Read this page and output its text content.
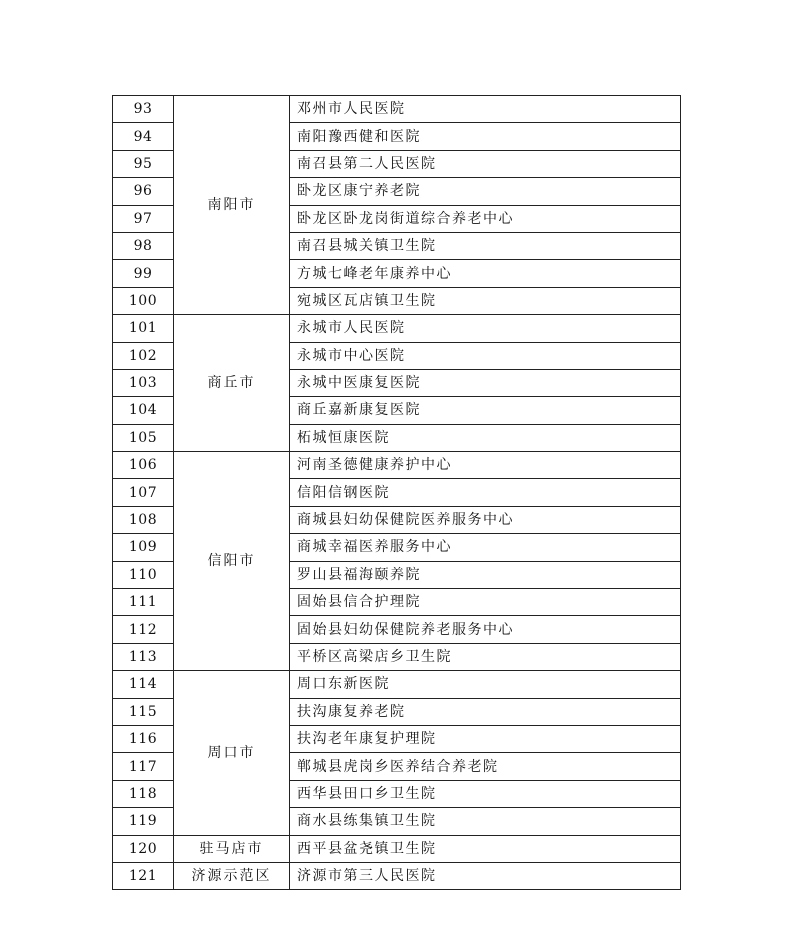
93	南阳市	邓州市人民医院
94		南阳豫西健和医院
95		南召县第二人民医院
96		卧龙区康宁养老院
97		卧龙区卧龙岗街道综合养老中心
98		南召县城关镇卫生院
99		方城七峰老年康养中心
100		宛城区瓦店镇卫生院
101	商丘市	永城市人民医院
102		永城市中心医院
103		永城中医康复医院
104		商丘嘉新康复医院
105		柘城恒康医院
106	信阳市	河南圣德健康养护中心
107		信阳信钢医院
108		商城县妇幼保健院医养服务中心
109		商城幸福医养服务中心
110		罗山县福海颐养院
111		固始县信合护理院
112		固始县妇幼保健院养老服务中心
113		平桥区高梁店乡卫生院
114	周口市	周口东新医院
115		扶沟康复养老院
116		扶沟老年康复护理院
117		郸城县虎岗乡医养结合养老院
118		西华县田口乡卫生院
119		商水县练集镇卫生院
120	驻马店市	西平县盆尧镇卫生院
121	济源示范区	济源市第三人民医院
